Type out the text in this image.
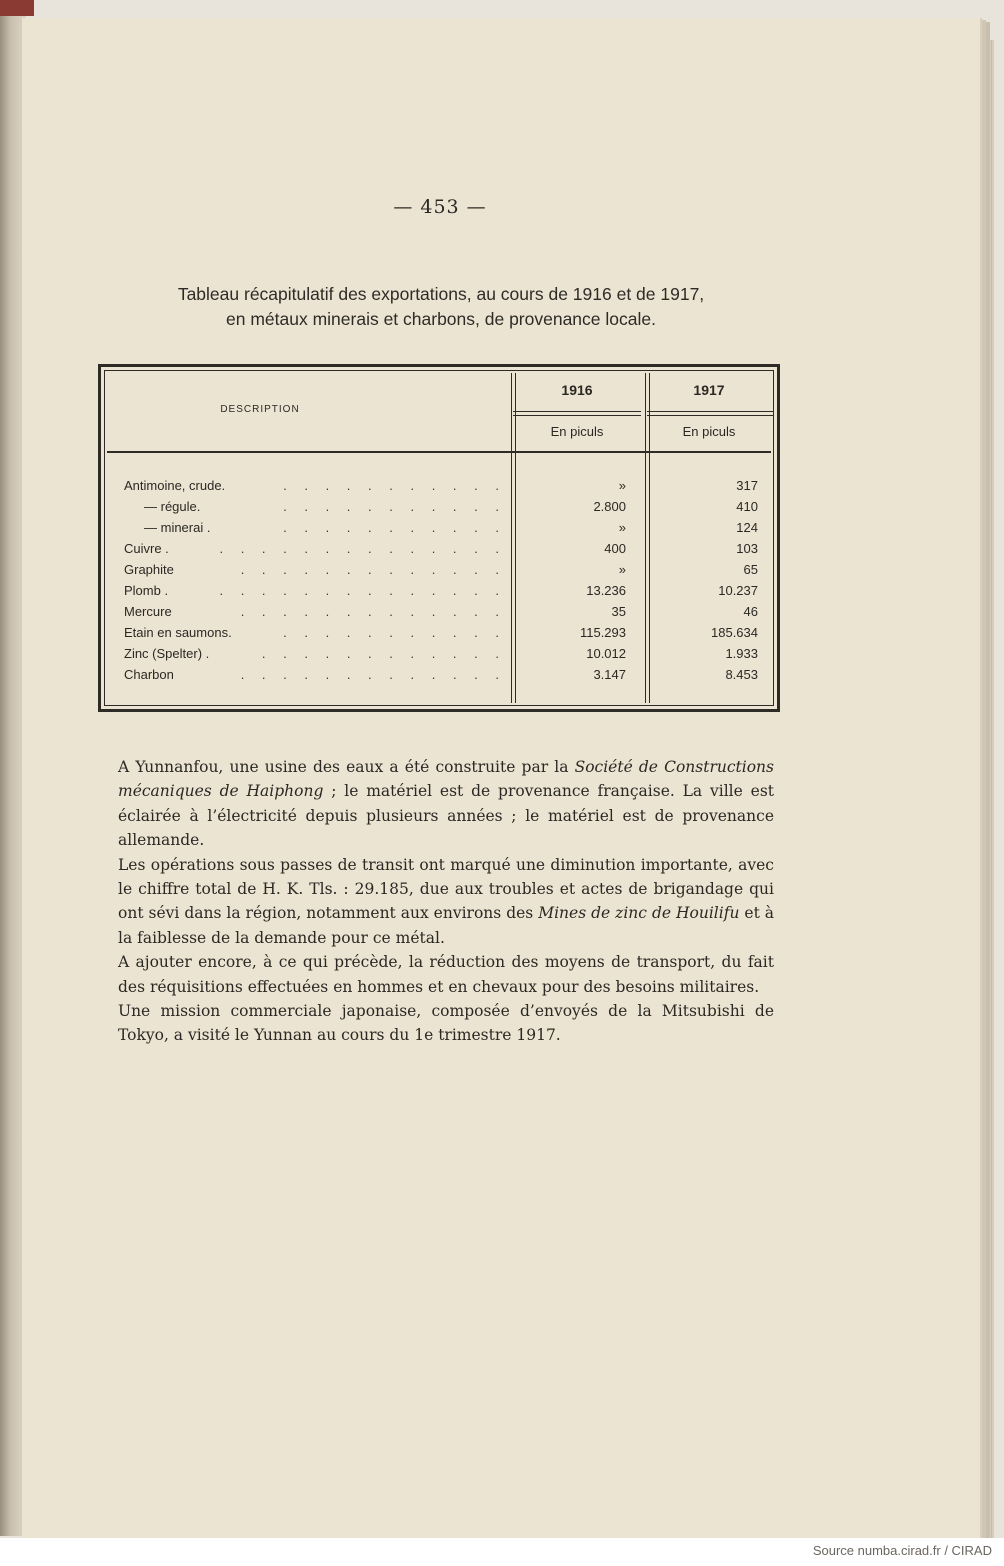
— 453 —
Tableau récapitulatif des exportations, au cours de 1916 et de 1917,
en métaux minerais et charbons, de provenance locale.
DESCRIPTION
1916	1917
En piculs	En piculs
. . . . . . . . . . .
Antimoine, crude.	»	317
. . . . . . . . . . .
— régule.	2.800	410
. . . . . . . . . . .
— minerai .	»	124
. . . . . . . . . . . . . .
Cuivre .	400	103
. . . . . . . . . . . . .
Graphite	»	65
. . . . . . . . . . . . . .
Plomb .	13.236	10.237
. . . . . . . . . . . . .
Mercure	35	46
. . . . . . . . . . .
Etain en saumons.	115.293	185.634
. . . . . . . . . . . .
Zinc (Spelter) .	10.012	1.933
. . . . . . . . . . . . .
Charbon	3.147	8.453

A Yunnanfou, une usine des eaux a été construite par la Société de Constructions mécaniques de Haiphong ; le matériel est de provenance française. La ville est éclairée à l’électricité depuis plusieurs années ; le matériel est de provenance allemande.

Les opérations sous passes de transit ont marqué une diminution importante, avec le chiffre total de H. K. Tls. : 29.185, due aux troubles et actes de brigandage qui ont sévi dans la région, notamment aux environs des Mines de zinc de Houilifu et à la faiblesse de la demande pour ce métal.

A ajouter encore, à ce qui précède, la réduction des moyens de transport, du fait des réquisitions effectuées en hommes et en chevaux pour des besoins militaires.

Une mission commerciale japonaise, composée d’envoyés de la Mitsubishi de Tokyo, a visité le Yunnan au cours du 1e trimestre 1917.

Source numba.cirad.fr / CIRAD
